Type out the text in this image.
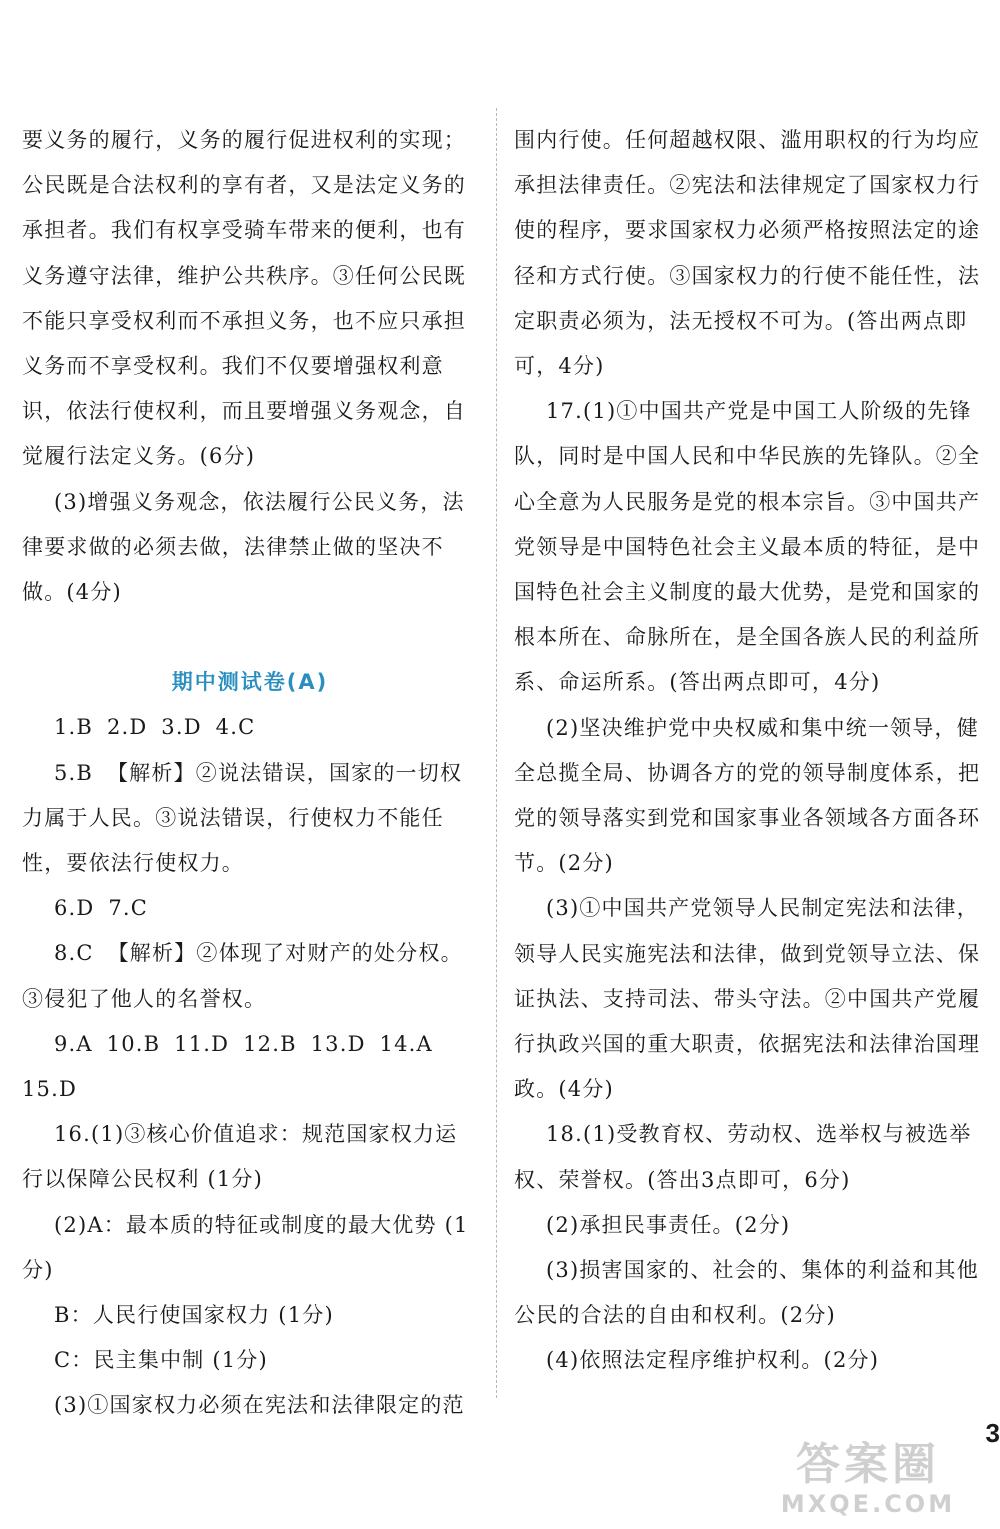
要义务的履行，义务的履行促进权利的实现；公民既是合法权利的享有者，又是法定义务的承担者。我们有权享受骑车带来的便利，也有义务遵守法律，维护公共秩序。③任何公民既不能只享受权利而不承担义务，也不应只承担义务而不享受权利。我们不仅要增强权利意识，依法行使权利，而且要增强义务观念，自觉履行法定义务。(6分)

(3)增强义务观念，依法履行公民义务，法律要求做的必须去做，法律禁止做的坚决不做。(4分)

期中测试卷(A)

1.B 2.D 3.D 4.C

5.B 【解析】②说法错误，国家的一切权力属于人民。③说法错误，行使权力不能任性，要依法行使权力。

6.D 7.C

8.C 【解析】②体现了对财产的处分权。③侵犯了他人的名誉权。

9.A 10.B 11.D 12.B 13.D 14.A

15.D

16.(1)③核心价值追求：规范国家权力运行以保障公民权利 (1分)

(2)A：最本质的特征或制度的最大优势 (1分)

B：人民行使国家权力 (1分)

C：民主集中制 (1分)

(3)①国家权力必须在宪法和法律限定的范

围内行使。任何超越权限、滥用职权的行为均应承担法律责任。②宪法和法律规定了国家权力行使的程序，要求国家权力必须严格按照法定的途径和方式行使。③国家权力的行使不能任性，法定职责必须为，法无授权不可为。(答出两点即可，4分)

17.(1)①中国共产党是中国工人阶级的先锋队，同时是中国人民和中华民族的先锋队。②全心全意为人民服务是党的根本宗旨。③中国共产党领导是中国特色社会主义最本质的特征，是中国特色社会主义制度的最大优势，是党和国家的根本所在、命脉所在，是全国各族人民的利益所系、命运所系。(答出两点即可，4分)

(2)坚决维护党中央权威和集中统一领导，健全总揽全局、协调各方的党的领导制度体系，把党的领导落实到党和国家事业各领域各方面各环节。(2分)

(3)①中国共产党领导人民制定宪法和法律，领导人民实施宪法和法律，做到党领导立法、保证执法、支持司法、带头守法。②中国共产党履行执政兴国的重大职责，依据宪法和法律治国理政。(4分)

18.(1)受教育权、劳动权、选举权与被选举权、荣誉权。(答出3点即可，6分)

(2)承担民事责任。(2分)

(3)损害国家的、社会的、集体的利益和其他公民的合法的自由和权利。(2分)

(4)依照法定程序维护权利。(2分)

3
答案圈
MXQE.COM
